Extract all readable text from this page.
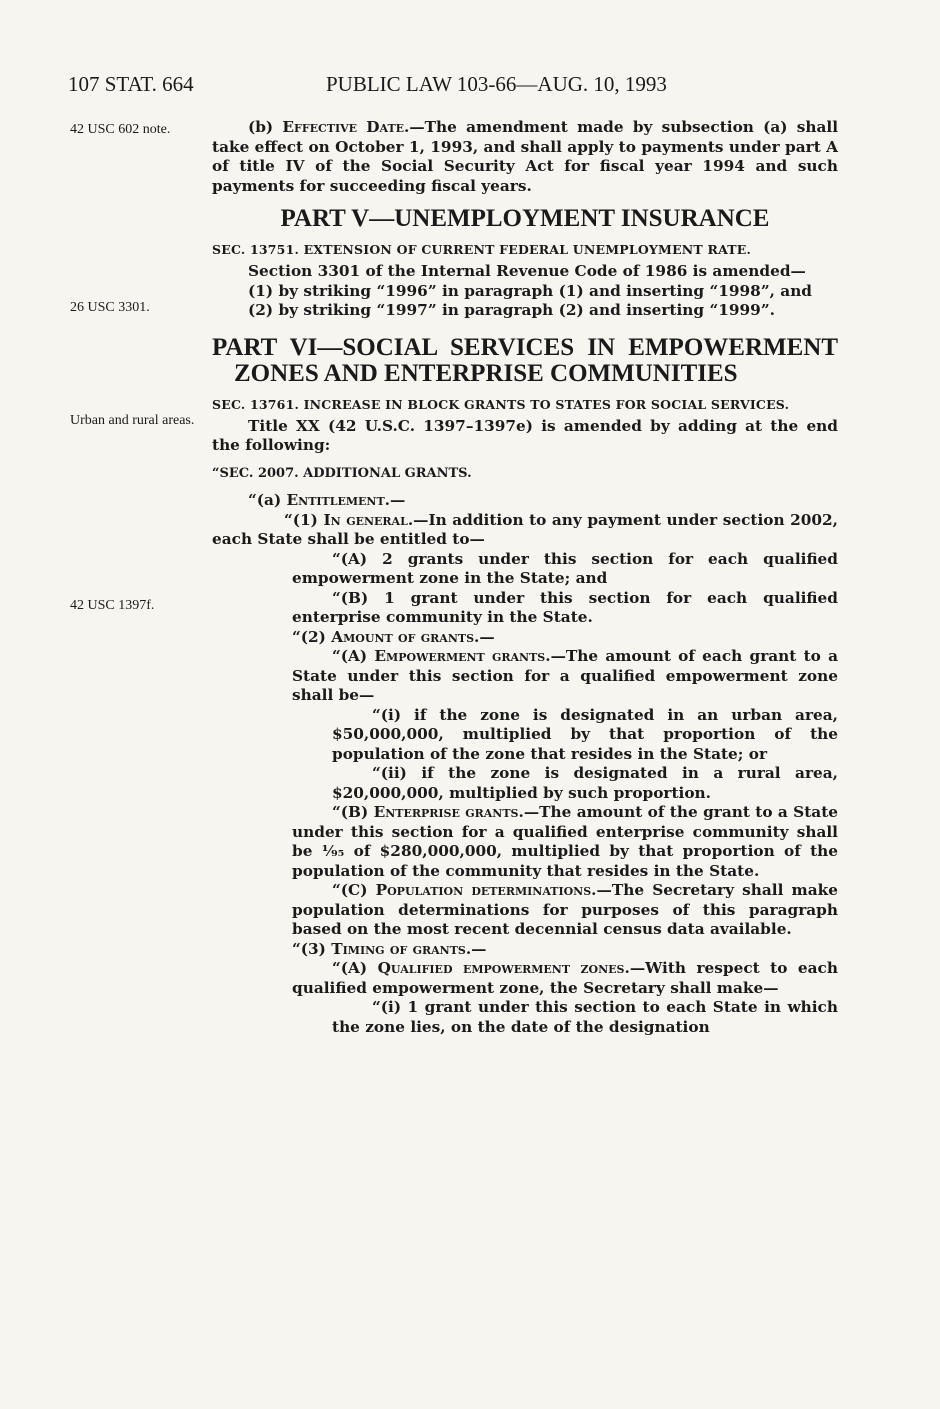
107 STAT. 664	PUBLIC LAW 103-66—AUG. 10, 1993
42 USC 602 note.
26 USC 3301.
Urban and rural areas.
42 USC 1397f.

(b) Effective Date.—The amendment made by subsection (a) shall take effect on October 1, 1993, and shall apply to payments under part A of title IV of the Social Security Act for fiscal year 1994 and such payments for succeeding fiscal years.

PART V—UNEMPLOYMENT INSURANCE

SEC. 13751. EXTENSION OF CURRENT FEDERAL UNEMPLOYMENT RATE.

Section 3301 of the Internal Revenue Code of 1986 is amended—

(1) by striking “1996” in paragraph (1) and inserting “1998”, and

(2) by striking “1997” in paragraph (2) and inserting “1999”.

PART VI—SOCIAL SERVICES IN EMPOWERMENT ZONES AND ENTERPRISE COMMUNITIES

SEC. 13761. INCREASE IN BLOCK GRANTS TO STATES FOR SOCIAL SERVICES.

Title XX (42 U.S.C. 1397–1397e) is amended by adding at the end the following:

“SEC. 2007. ADDITIONAL GRANTS.

“(a) Entitlement.—

“(1) In general.—In addition to any payment under section 2002, each State shall be entitled to—

“(A) 2 grants under this section for each qualified empowerment zone in the State; and

“(B) 1 grant under this section for each qualified enterprise community in the State.

“(2) Amount of grants.—

“(A) Empowerment grants.—The amount of each grant to a State under this section for a qualified empowerment zone shall be—

“(i) if the zone is designated in an urban area, $50,000,000, multiplied by that proportion of the population of the zone that resides in the State; or

“(ii) if the zone is designated in a rural area, $20,000,000, multiplied by such proportion.

“(B) Enterprise grants.—The amount of the grant to a State under this section for a qualified enterprise community shall be ¹⁄₉₅ of $280,000,000, multiplied by that proportion of the population of the community that resides in the State.

“(C) Population determinations.—The Secretary shall make population determinations for purposes of this paragraph based on the most recent decennial census data available.

“(3) Timing of grants.—

“(A) Qualified empowerment zones.—With respect to each qualified empowerment zone, the Secretary shall make—

“(i) 1 grant under this section to each State in which the zone lies, on the date of the designation
